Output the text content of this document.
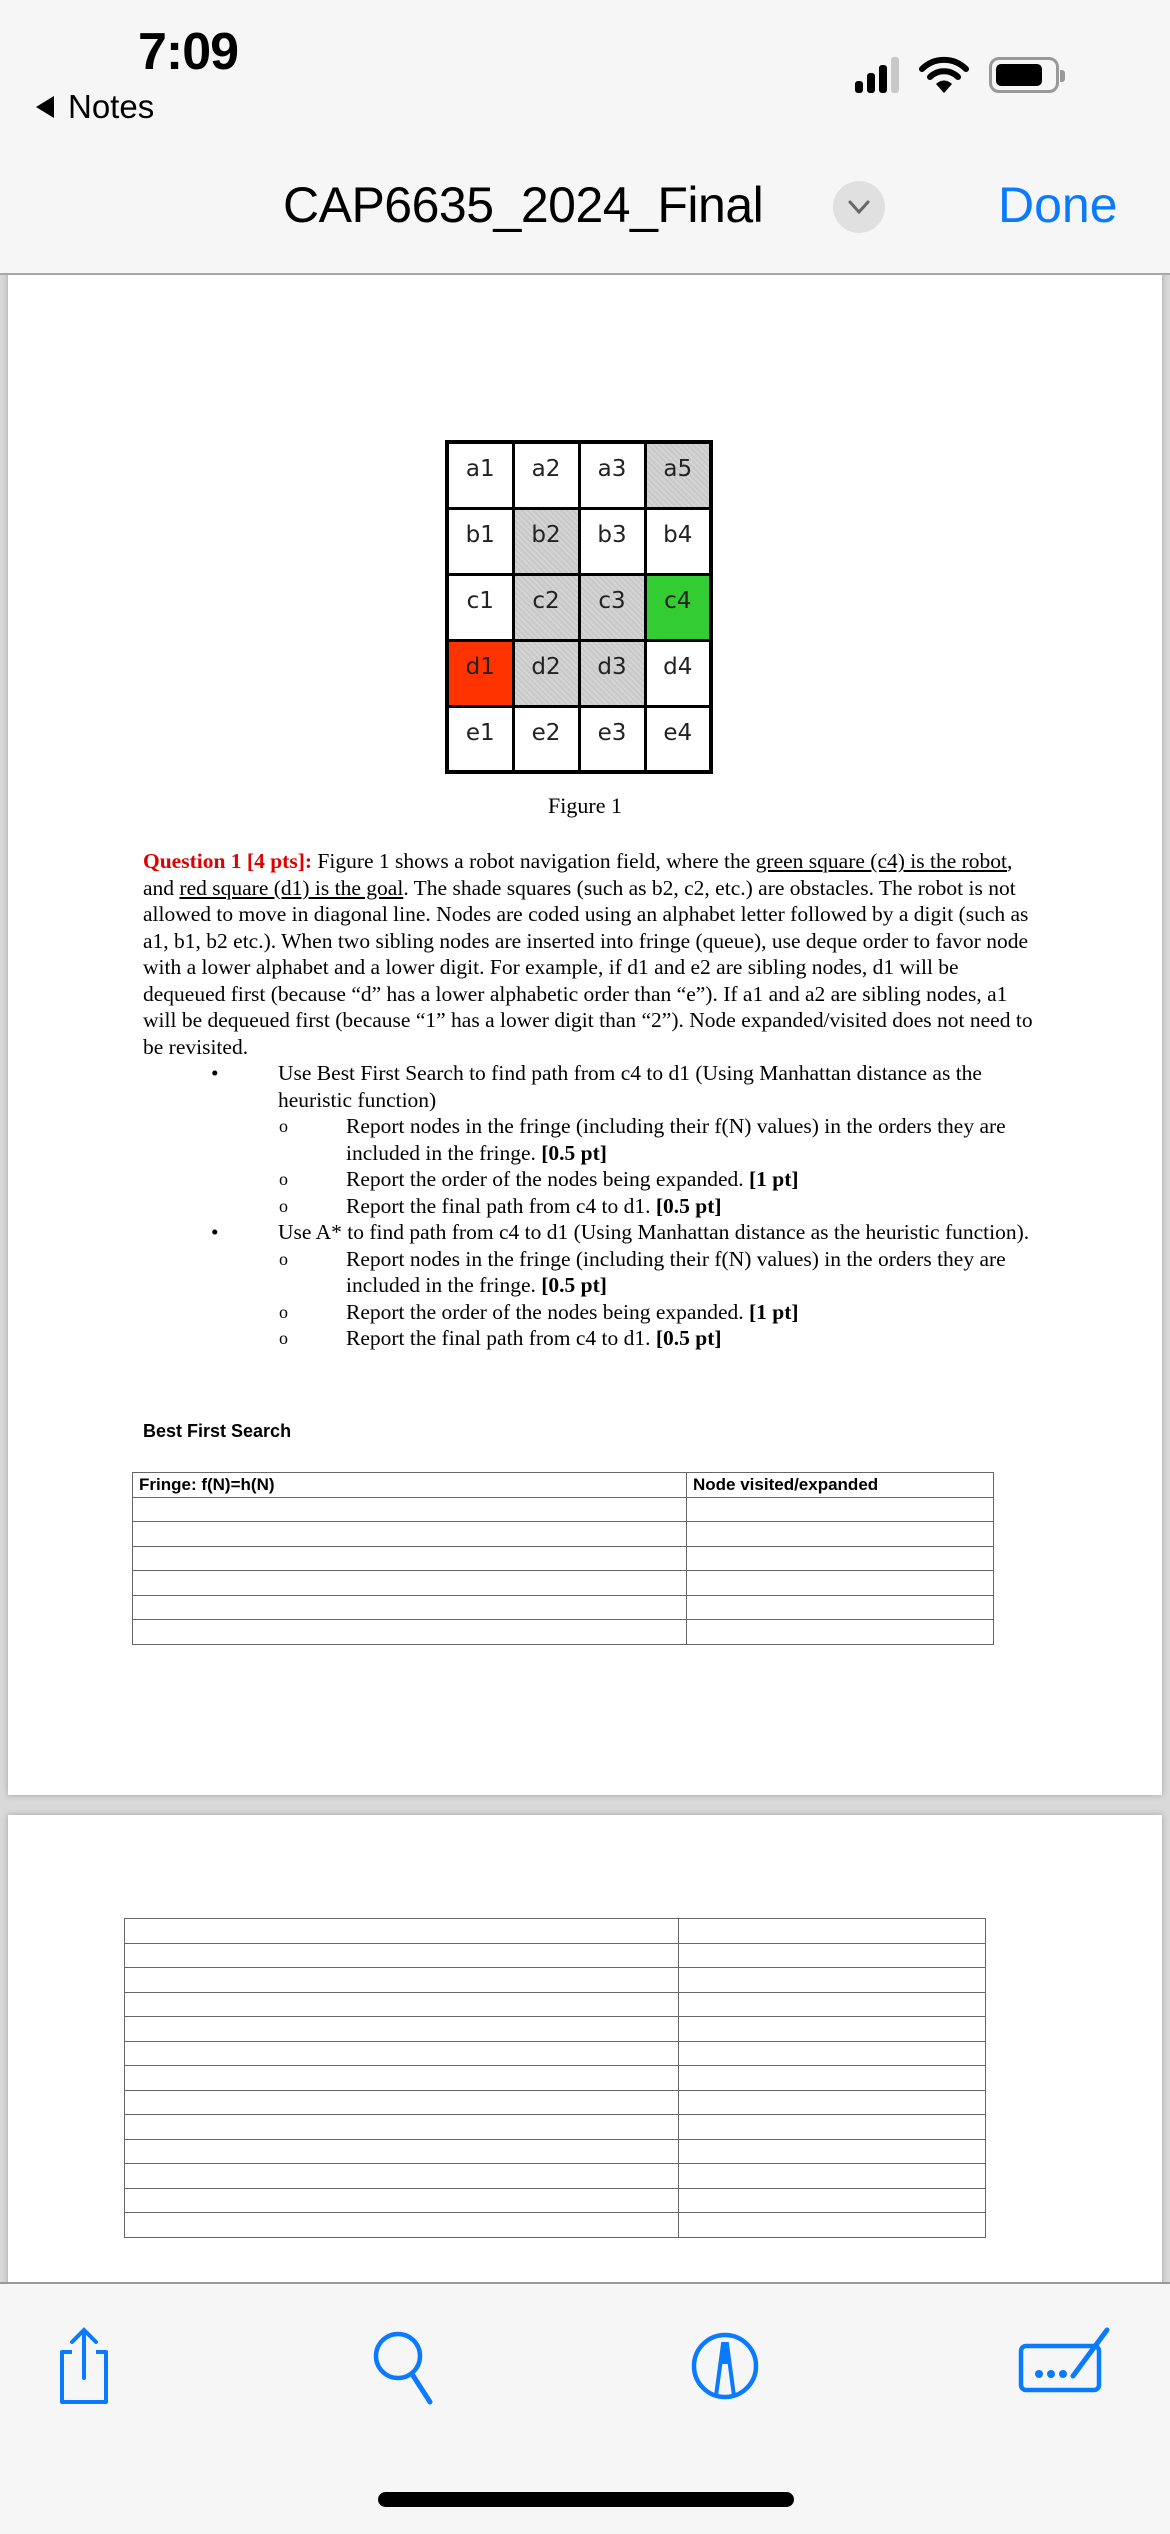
7:09
Notes
CAP6635_2024_Final	Done
a1	a2	a3	a5
b1	b2	b3	b4
c1	c2	c3	c4
d1	d2	d3	d4
e1	e2	e3	e4
Figure 1
Question 1 [4 pts]: Figure 1 shows a robot navigation field, where the green square (c4) is the robot, and red square (d1) is the goal. The shade squares (such as b2, c2, etc.) are obstacles. The robot is not allowed to move in diagonal line. Nodes are coded using an alphabet letter followed by a digit (such as a1, b1, b2 etc.). When two sibling nodes are inserted into fringe (queue), use deque order to favor node with a lower alphabet and a lower digit. For example, if d1 and e2 are sibling nodes, d1 will be dequeued first (because “d” has a lower alphabetic order than “e”). If a1 and a2 are sibling nodes, a1 will be dequeued first (because “1” has a lower digit than “2”). Node expanded/visited does not need to be revisited.
• Use Best First Search to find path from c4 to d1 (Using Manhattan distance as the heuristic function)
o Report nodes in the fringe (including their f(N) values) in the orders they are included in the fringe. [0.5 pt]
o Report the order of the nodes being expanded. [1 pt]
o Report the final path from c4 to d1. [0.5 pt]
• Use A* to find path from c4 to d1 (Using Manhattan distance as the heuristic function).
o Report nodes in the fringe (including their f(N) values) in the orders they are included in the fringe. [0.5 pt]
o Report the order of the nodes being expanded. [1 pt]
o Report the final path from c4 to d1. [0.5 pt]
Best First Search
Fringe: f(N)=h(N)	Node visited/expanded
